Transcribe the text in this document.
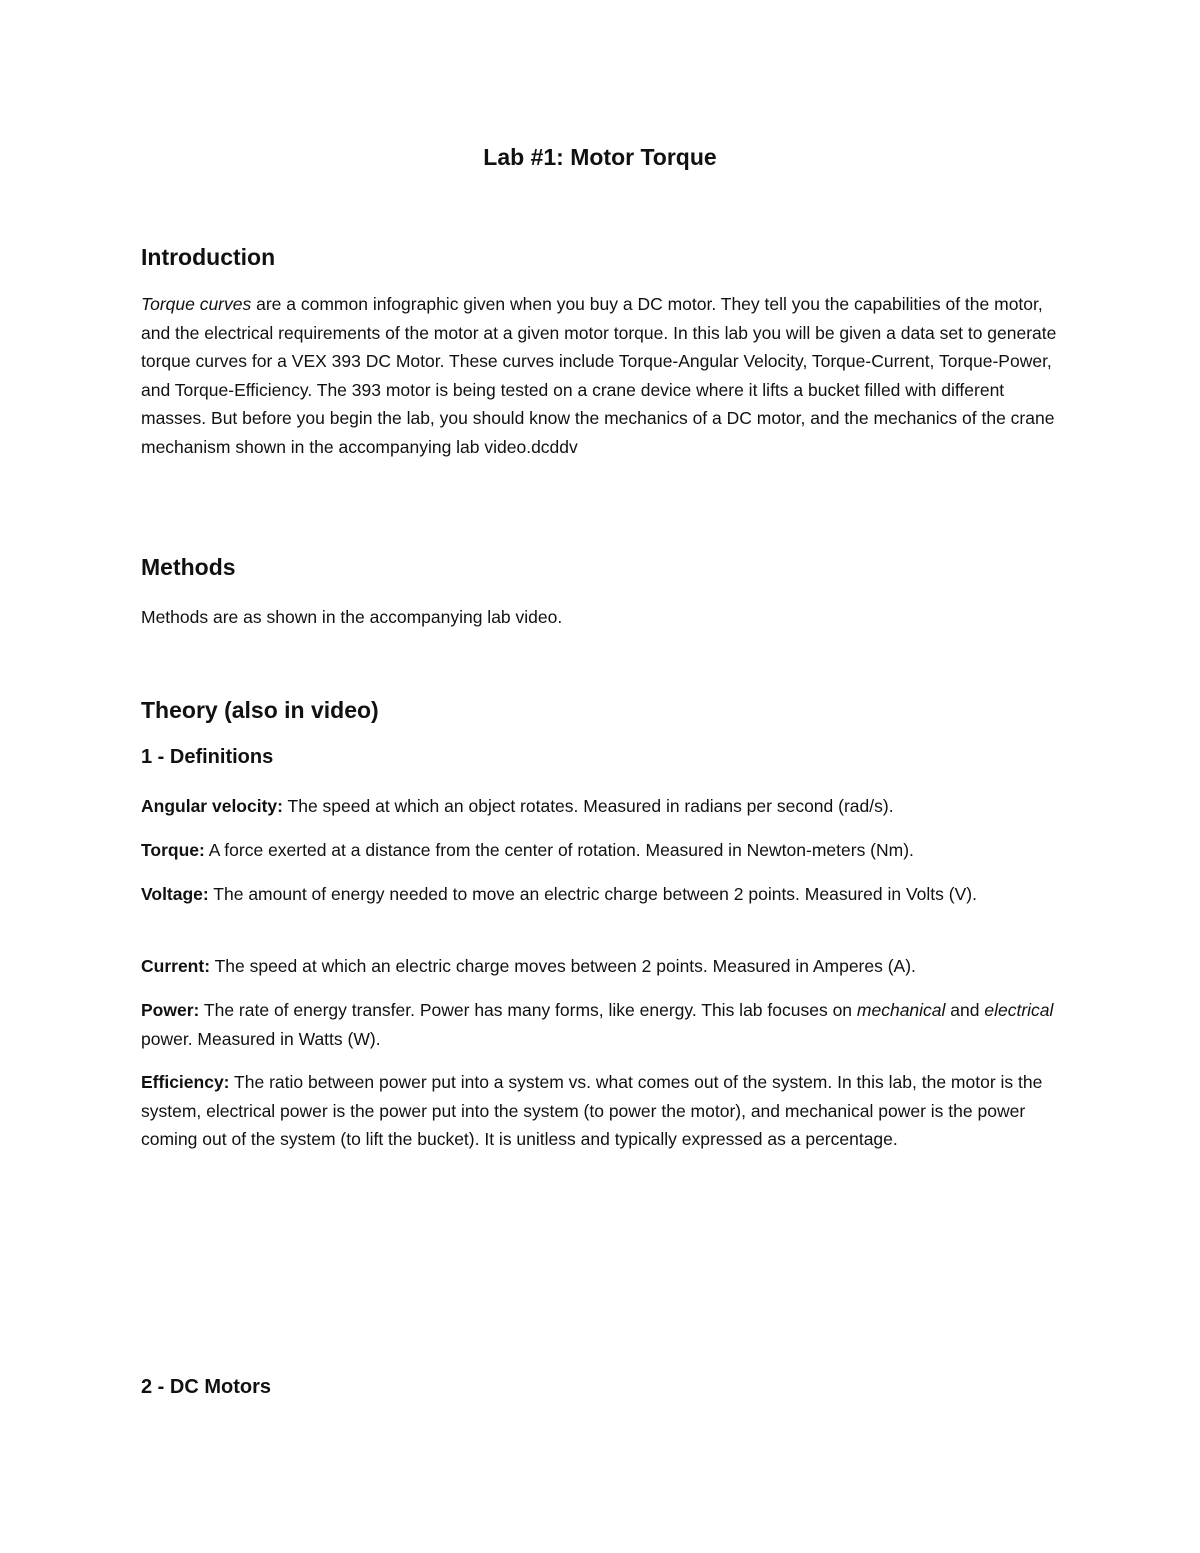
Lab #1: Motor Torque
Introduction

Torque curves are a common infographic given when you buy a DC motor. They tell you the capabilities of the motor, and the electrical requirements of the motor at a given motor torque. In this lab you will be given a data set to generate torque curves for a VEX 393 DC Motor. These curves include Torque-Angular Velocity, Torque-Current, Torque-Power, and Torque-Efficiency. The 393 motor is being tested on a crane device where it lifts a bucket filled with different masses. But before you begin the lab, you should know the mechanics of a DC motor, and the mechanics of the crane mechanism shown in the accompanying lab video.dcddv

Methods

Methods are as shown in the accompanying lab video.

Theory (also in video)
1 - Definitions

Angular velocity: The speed at which an object rotates. Measured in radians per second (rad/s).

Torque: A force exerted at a distance from the center of rotation. Measured in Newton-meters (Nm).

Voltage: The amount of energy needed to move an electric charge between 2 points. Measured in Volts (V).

Current: The speed at which an electric charge moves between 2 points. Measured in Amperes (A).

Power: The rate of energy transfer. Power has many forms, like energy. This lab focuses on mechanical and electrical power. Measured in Watts (W).

Efficiency: The ratio between power put into a system vs. what comes out of the system. In this lab, the motor is the system, electrical power is the power put into the system (to power the motor), and mechanical power is the power coming out of the system (to lift the bucket). It is unitless and typically expressed as a percentage.

2 - DC Motors
